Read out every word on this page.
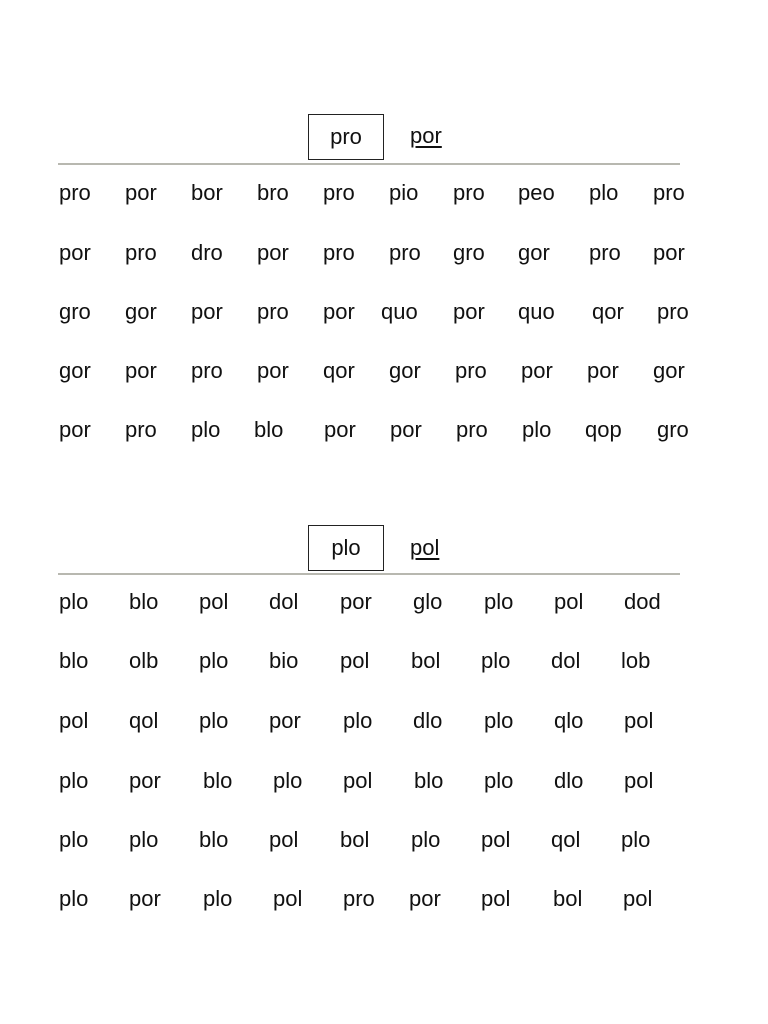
pro por
pro por bor bro pro pio pro peo plo pro
por pro dro por pro pro gro gor pro por
gro gor por pro por quo por quo qor pro
gor por pro por qor gor pro por por gor
por pro plo blo por por pro plo qop gro
plo pol
plo blo pol dol por glo plo pol dod
blo olb plo bio pol bol plo dol lob
pol qol plo por plo dlo plo qlo pol
plo por blo plo pol blo plo dlo pol
plo plo blo pol bol plo pol qol plo
plo por plo pol pro por pol bol pol
